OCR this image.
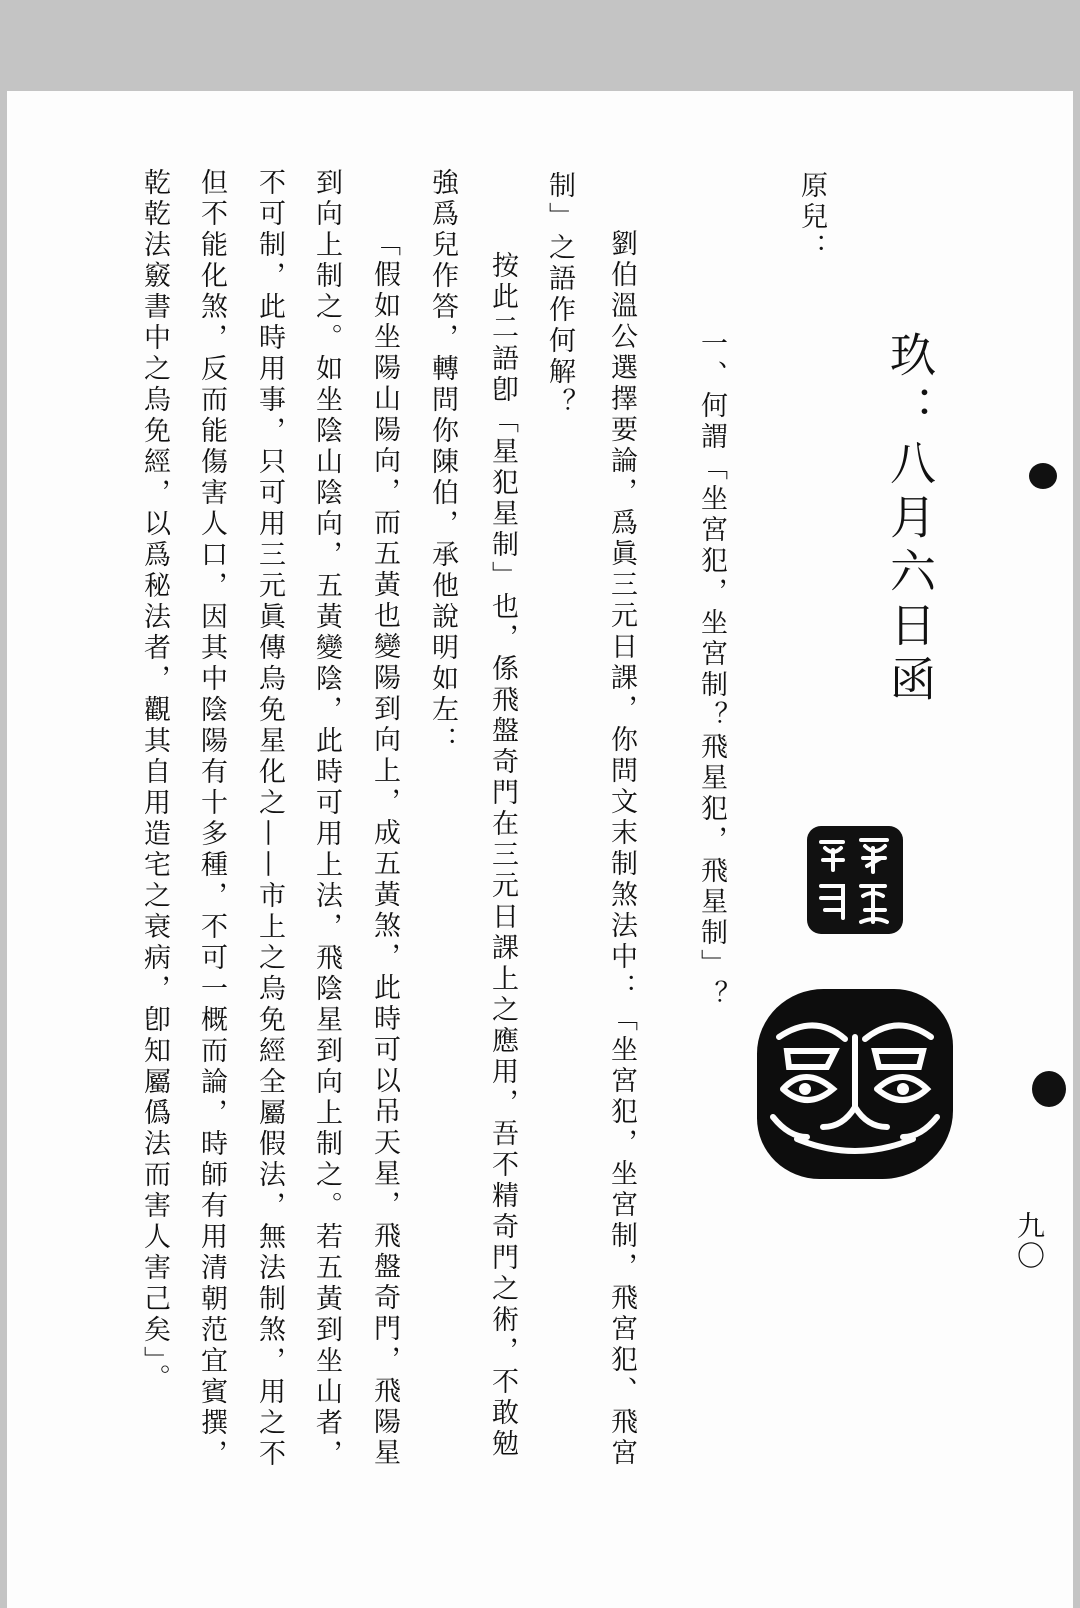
玖：八月六日函
九〇
原兒：
一、何謂「坐宮犯，坐宮制？飛星犯，飛星制」？
劉伯溫公選擇要論，爲眞三元日課，你問文末制煞法中：「坐宮犯，坐宮制，飛宮犯、飛宮
制」之語作何解？
按此二語卽「星犯星制」也，係飛盤奇門在三元日課上之應用，吾不精奇門之術，不敢勉
強爲兒作答，轉問你陳伯，承他說明如左：
「假如坐陽山陽向，而五黃也變陽到向上，成五黃煞，此時可以吊天星，飛盤奇門，飛陽星
到向上制之。如坐陰山陰向，五黃變陰，此時可用上法，飛陰星到向上制之。若五黃到坐山者，
不可制，此時用事，只可用三元眞傳烏免星化之——市上之烏免經全屬假法，無法制煞，用之不
但不能化煞，反而能傷害人口，因其中陰陽有十多種，不可一概而論，時師有用清朝范宜賓撰，
乾乾法竅書中之烏免經，以爲秘法者，觀其自用造宅之衰病，卽知屬僞法而害人害己矣」。
